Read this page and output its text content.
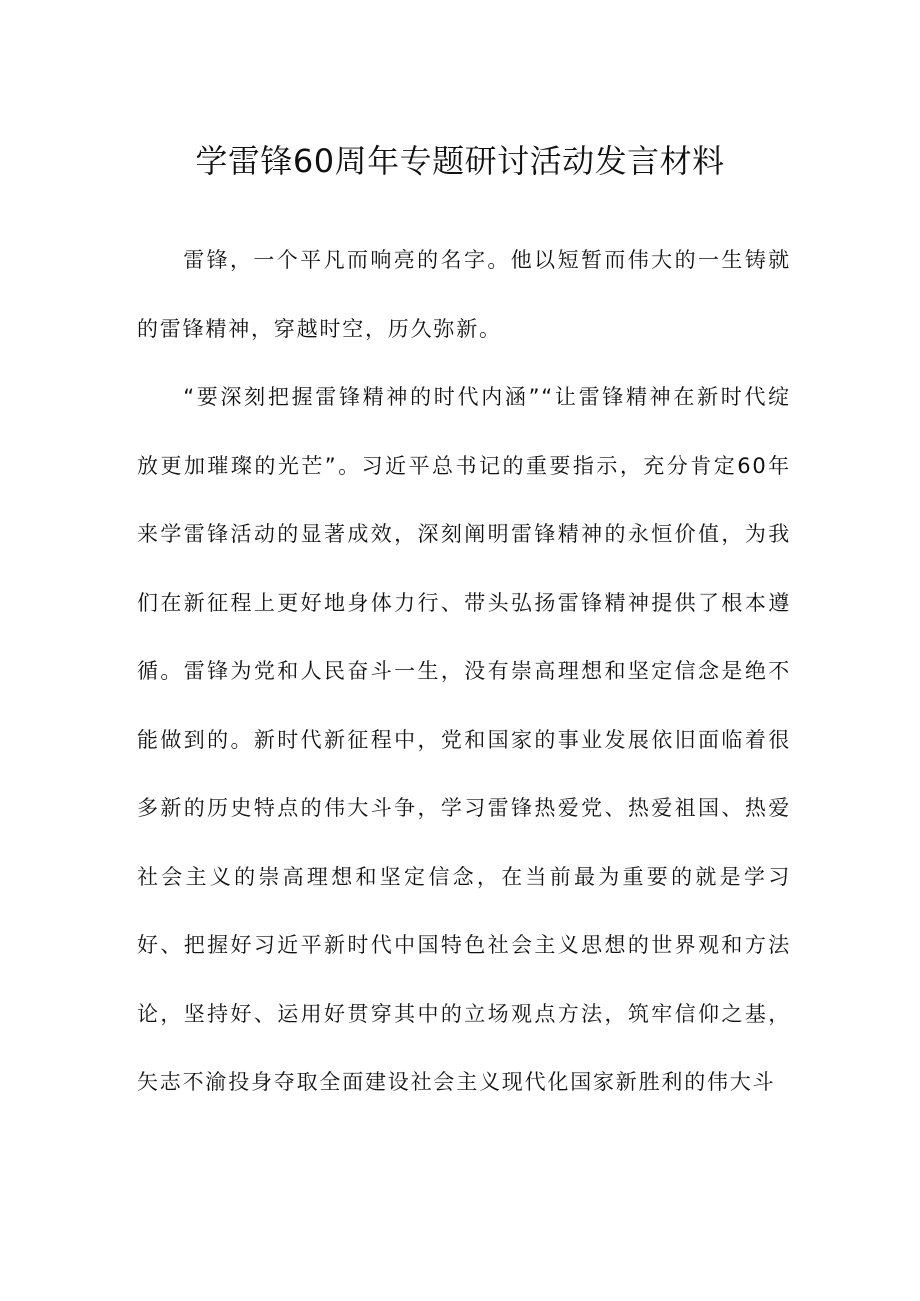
学雷锋60周年专题研讨活动发言材料

雷锋，一个平凡而响亮的名字。他以短暂而伟大的一生铸就的雷锋精神，穿越时空，历久弥新。

“要深刻把握雷锋精神的时代内涵”“让雷锋精神在新时代绽放更加璀璨的光芒”。习近平总书记的重要指示，充分肯定60年来学雷锋活动的显著成效，深刻阐明雷锋精神的永恒价值，为我们在新征程上更好地身体力行、带头弘扬雷锋精神提供了根本遵循。雷锋为党和人民奋斗一生，没有崇高理想和坚定信念是绝不能做到的。新时代新征程中，党和国家的事业发展依旧面临着很多新的历史特点的伟大斗争，学习雷锋热爱党、热爱祖国、热爱社会主义的崇高理想和坚定信念，在当前最为重要的就是学习好、把握好习近平新时代中国特色社会主义思想的世界观和方法论，坚持好、运用好贯穿其中的立场观点方法，筑牢信仰之基，矢志不渝投身夺取全面建设社会主义现代化国家新胜利的伟大斗
